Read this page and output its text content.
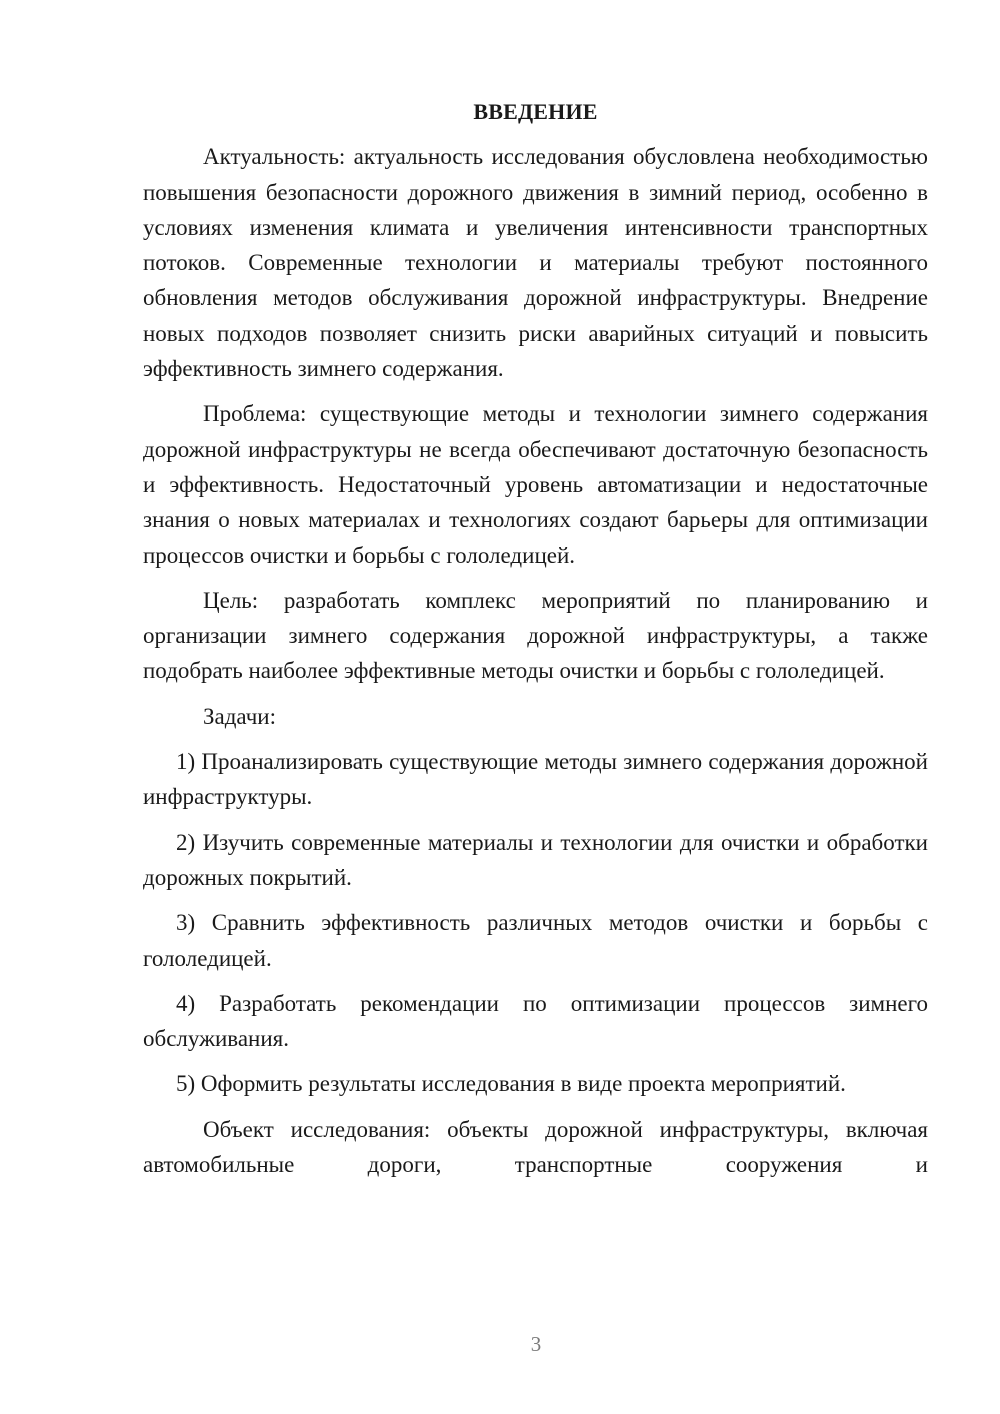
ВВЕДЕНИЕ

Актуальность: актуальность исследования обусловлена необходимостью повышения безопасности дорожного движения в зимний период, особенно в условиях изменения климата и увеличения интенсивности транспортных потоков. Современные технологии и материалы требуют постоянного обновления методов обслуживания дорожной инфраструктуры. Внедрение новых подходов позволяет снизить риски аварийных ситуаций и повысить эффективность зимнего содержания.

Проблема: существующие методы и технологии зимнего содержания дорожной инфраструктуры не всегда обеспечивают достаточную безопасность и эффективность. Недостаточный уровень автоматизации и недостаточные знания о новых материалах и технологиях создают барьеры для оптимизации процессов очистки и борьбы с гололедицей.

Цель: разработать комплекс мероприятий по планированию и организации зимнего содержания дорожной инфраструктуры, а также подобрать наиболее эффективные методы очистки и борьбы с гололедицей.

Задачи:

1) Проанализировать существующие методы зимнего содержания дорожной инфраструктуры.
2) Изучить современные материалы и технологии для очистки и обработки дорожных покрытий.
3) Сравнить эффективность различных методов очистки и борьбы с гололедицей.
4) Разработать рекомендации по оптимизации процессов зимнего обслуживания.
5) Оформить результаты исследования в виде проекта мероприятий.

Объект исследования: объекты дорожной инфраструктуры, включая автомобильные дороги, транспортные сооружения и

3
